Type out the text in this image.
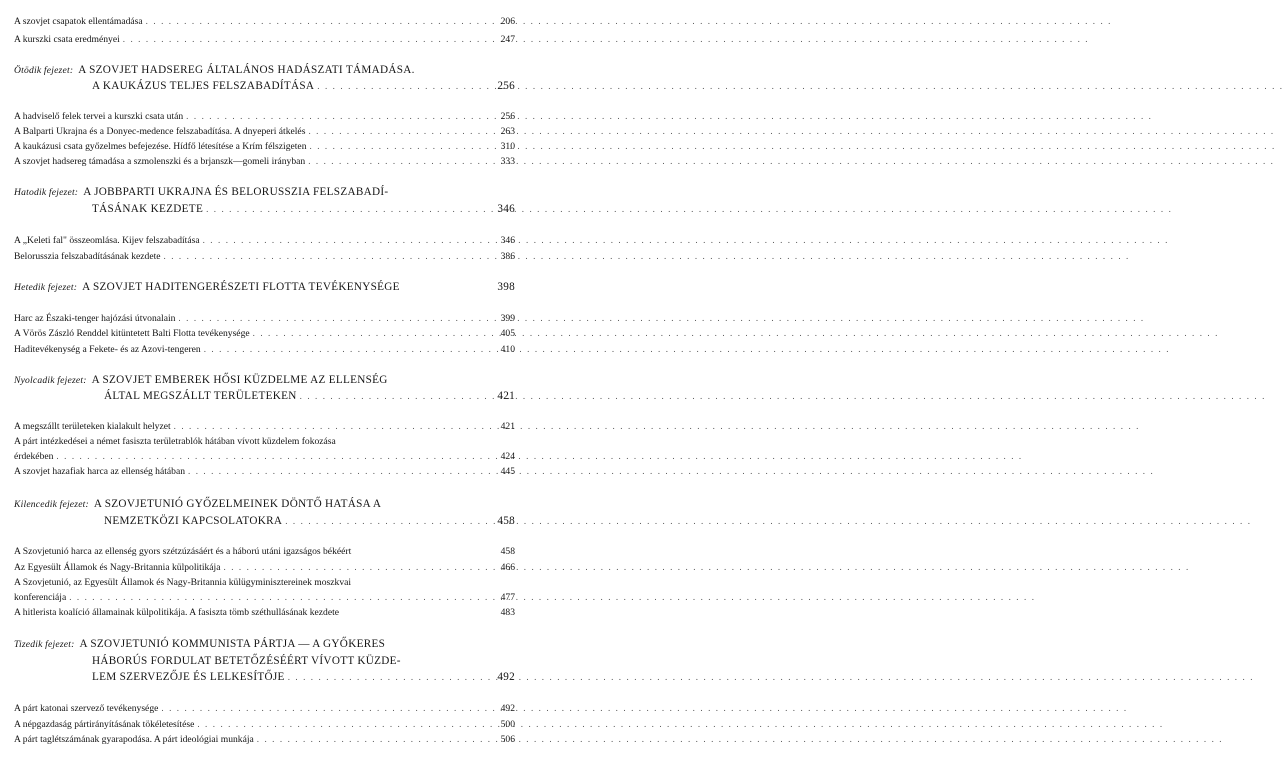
A szovjet csapatok ellentámadása . . .	206
A kurszki csata eredményei . . .	247
Ötödik fejezet: A SZOVJET HADSEREG ÁLTALÁNOS HADÁSZATI TÁMADÁSA.
A KAUKÁZUS TELJES FELSZABADÍTÁSA . . .	256
A hadviselő felek tervei a kurszki csata után . . .	256
A Balparti Ukrajna és a Donyec-medence felszabadítása. A dnyeperi átkelés . . .	263
A kaukázusi csata győzelmes befejezése. Hídfő létesítése a Krím félszigeten . . .	310
A szovjet hadsereg támadása a szmolenszki és a brjanszk—gomeli irányban . . .	333
Hatodik fejezet: A JOBBPARTI UKRAJNA ÉS BELORUSSZIA FELSZABADÍ-
TÁSÁNAK KEZDETE . . .	346
A „Keleti fal" összeomlása. Kijev felszabadítása . . .	346
Belorusszia felszabadításának kezdete . . .	386
Hetedik fejezet: A SZOVJET HADITENGERÉSZETI FLOTTA TEVÉKENYSÉGE	398
Harc az Északi-tenger hajózási útvonalain . . .	399
A Vörös Zászló Renddel kitüntetett Balti Flotta tevékenysége . . .	405
Haditevékenység a Fekete- és az Azovi-tengeren . . .	410
Nyolcadik fejezet: A SZOVJET EMBEREK HŐSI KÜZDELME AZ ELLENSÉG
ÁLTAL MEGSZÁLLT TERÜLETEKEN . . .	421
A megszállt területeken kialakult helyzet . . .	421
A párt intézkedései a német fasiszta területrablók hátában vívott küzdelem fokozása
érdekében . . .	424
A szovjet hazafiak harca az ellenség hátában . . .	445
Kilencedik fejezet: A SZOVJETUNIÓ GYŐZELMEINEK DÖNTŐ HATÁSA A
NEMZETKÖZI KAPCSOLATOKRA . . .	458
A Szovjetunió harca az ellenség gyors szétzúzásáért és a háború utáni igazságos békéért	458
Az Egyesült Államok és Nagy-Britannia külpolitikája . . .	466
A Szovjetunió, az Egyesült Államok és Nagy-Britannia külügyminisztereinek moszkvai
konferenciája . . .	477
A hitlerista koalíció államainak külpolitikája. A fasiszta tömb széthullásának kezdete	483
Tizedik fejezet: A SZOVJETUNIÓ KOMMUNISTA PÁRTJA — A GYŐKERES
HÁBORÚS FORDULAT BETETŐZÉSÉÉRT VÍVOTT KÜZDE-
LEM SZERVEZŐJE ÉS LELKESÍTŐJE . . .	492
A párt katonai szervező tevékenysége . . .	492
A népgazdaság pártirányításának tökéletesítése . . .	500
A párt taglétszámának gyarapodása. A párt ideológiai munkája . . .	506
